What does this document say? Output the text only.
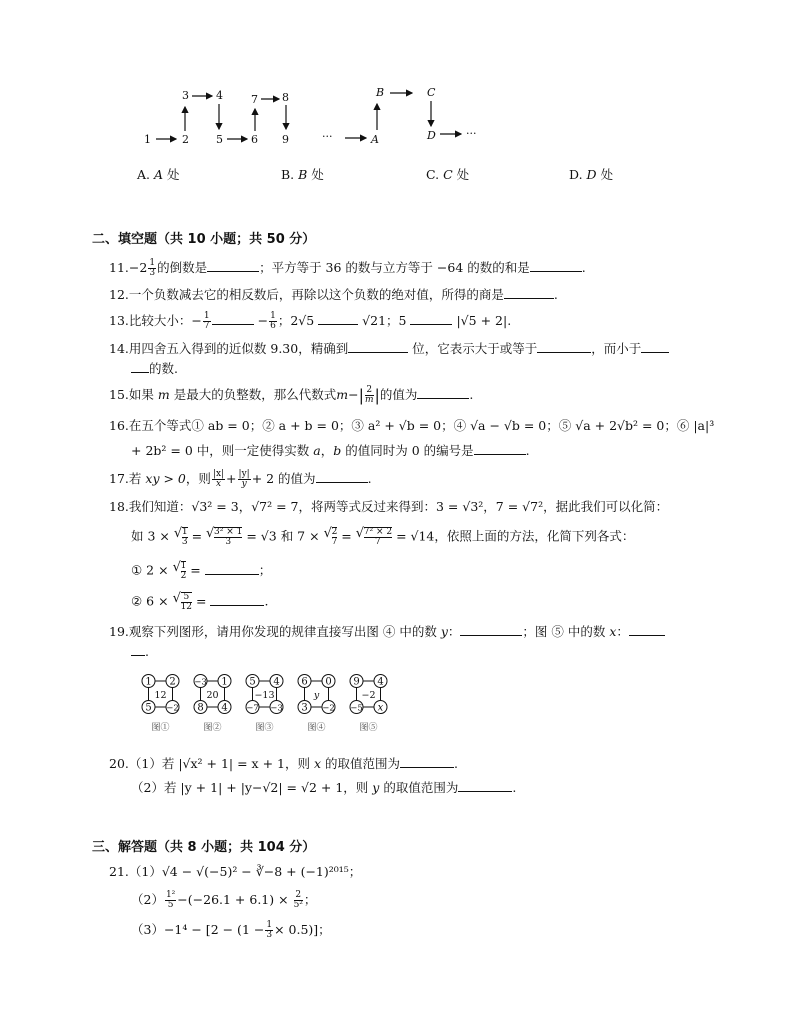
1	2
3 4
5	6
7 8
9	···	A
B	C
D	···
A. A 处	B. B 处	C. C 处	D. D 处
二、填空题（共 10 小题；共 50 分）
$11.-2 \frac{1}{3}$ 的倒数是	；平方等于 36 的数与立方等于 −64 的数的和是	.
12.一个负数减去它的相反数后，再除以这个负数的绝对值，所得的商是	.
13.比较大小：− $\frac{1}{7}$	− $\frac{1}{6}$ ；2√5	√21；5	|√5 + 2|.
14.用四舍五入得到的近似数 9.30，精确到	位，它表示大于或等于	，而小于
的数.
15.如果 m 是最大的负整数，那么代数式$m-| \frac{2}{m}|$的值为	.
16.在五个等式① ab = 0；② a + b = 0；③ a² + √b = 0；④ √a − √b = 0；⑤ √a + 2√b² = 0；⑥ |a|³
+ 2b² = 0 中，则一定使得实数 a，b 的值同时为 0 的编号是	.
17.若 xy > 0，则 $\frac{|x|}{x}+ \frac{|y|}{y}+ 2$ 的值为	.
18.我们知道：√3² = 3，√7² = 7，将两等式反过来得到：3 = √3²，7 = √7²，据此我们可以化简：
如 3 × √ $\frac{1}{3}$ = √ $\frac{\text{3² × 1}}{3} = √3$ 和 7 × √ $\frac{2}{7}$ = √ $\frac{\text{7² × 2}}{7} = √14$，依照上面的方法，化简下列各式：
① 2 × √ $\frac{1}{2}$ =	；
② 6 × √ $\frac{5}{12}$ =	.
19.观察下列图形，请用你发现的规律直接写出图 ④ 中的数 y：	；图 ⑤ 中的数 x：
.
1 2
5 −2
12
图①
−3 1
8 4
20
图②
5 4
−7 −3
−13
图③
6 0
3 −2
y
图④
9 4
−5 x
−2
图⑤
20.（1）若 |√x² + 1| = x + 1，则 x 的取值范围为	.
（2）若 |y + 1| + |y−√2| = √2 + 1，则 y 的取值范围为	.
三、解答题（共 8 小题；共 104 分）
21.（1）√4 − √(−5)² − ∛−8 + (−1)²⁰¹⁵；
$(2) \frac{\text{1²}}{5} -(-26.1 + 6.1) \times \frac{2}{\text{5²}}$ ；
$(3)-1^4 - [2 - (1 - \frac{1}{3} \times 0.5)]$；
